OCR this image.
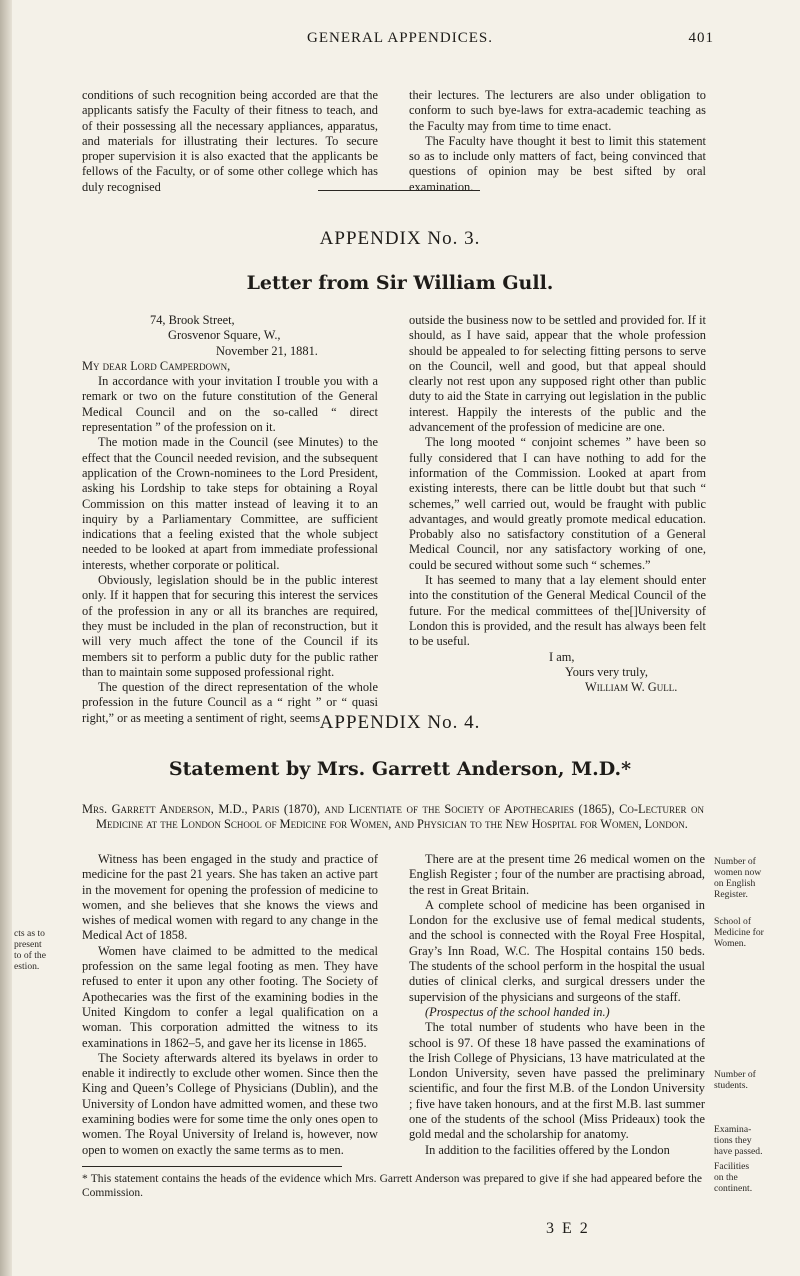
GENERAL APPENDICES.	401

conditions of such recognition being accorded are that the applicants satisfy the Faculty of their fitness to teach, and of their possessing all the necessary appliances, apparatus, and materials for illustrating their lectures. To secure proper supervision it is also exacted that the applicants be fellows of the Faculty, or of some other college which has duly recognised

their lectures. The lecturers are also under obligation to conform to such bye-laws for extra-academic teaching as the Faculty may from time to time enact.

The Faculty have thought it best to limit this statement so as to include only matters of fact, being convinced that questions of opinion may be best sifted by oral examination.

APPENDIX No. 3.
Letter from Sir William Gull.

74, Brook Street,

Grosvenor Square, W.,

November 21, 1881.

My dear Lord Camperdown,

In accordance with your invitation I trouble you with a remark or two on the future constitution of the General Medical Council and on the so-called “ direct representation ” of the profession on it.

The motion made in the Council (see Minutes) to the effect that the Council needed revision, and the subsequent application of the Crown-nominees to the Lord President, asking his Lordship to take steps for obtaining a Royal Commission on this matter instead of leaving it to an inquiry by a Parliamentary Committee, are sufficient indications that a feeling existed that the whole subject needed to be looked at apart from immediate professional interests, whether corporate or political.

Obviously, legislation should be in the public interest only. If it happen that for securing this interest the services of the profession in any or all its branches are required, they must be included in the plan of reconstruction, but it will very much affect the tone of the Council if its members sit to perform a public duty for the public rather than to maintain some supposed professional right.

The question of the direct representation of the whole profession in the future Council as a “ right ” or “ quasi right,” or as meeting a sentiment of right, seems

outside the business now to be settled and provided for. If it should, as I have said, appear that the whole profession should be appealed to for selecting fitting persons to serve on the Council, well and good, but that appeal should clearly not rest upon any supposed right other than public duty to aid the State in carrying out legislation in the public interest. Happily the interests of the public and the advancement of the profession of medicine are one.

The long mooted “ conjoint schemes ” have been so fully considered that I can have nothing to add for the information of the Commission. Looked at apart from existing interests, there can be little doubt but that such “ schemes,” well carried out, would be fraught with public advantages, and would greatly promote medical education. Probably also no satisfactory constitution of a General Medical Council, nor any satisfactory working of one, could be secured without some such “ schemes.”

It has seemed to many that a lay element should enter into the constitution of the General Medical Council of the future. For the medical committees of the[]University of London this is provided, and the result has always been felt to be useful.

I am,

Yours very truly,

William W. Gull.

APPENDIX No. 4.
Statement by Mrs. Garrett Anderson, M.D.*

Mrs. Garrett Anderson, M.D., Paris (1870), and Licentiate of the Society of Apothecaries (1865), Co-Lecturer on Medicine at the London School of Medicine for Women, and Physician to the New Hospital for Women, London.

cts as to
present
to of the
estion.

Witness has been engaged in the study and practice of medicine for the past 21 years. She has taken an active part in the movement for opening the profession of medicine to women, and she believes that she knows the views and wishes of medical women with regard to any change in the Medical Act of 1858.

Women have claimed to be admitted to the medical profession on the same legal footing as men. They have refused to enter it upon any other footing. The Society of Apothecaries was the first of the examining bodies in the United Kingdom to confer a legal qualification on a woman. This corporation admitted the witness to its examinations in 1862–5, and gave her its license in 1865.

The Society afterwards altered its byelaws in order to enable it indirectly to exclude other women. Since then the King and Queen’s College of Physicians (Dublin), and the University of London have admitted women, and these two examining bodies were for some time the only ones open to women. The Royal University of Ireland is, however, now open to women on exactly the same terms as to men.

There are at the present time 26 medical women on the English Register ; four of the number are practising abroad, the rest in Great Britain.

A complete school of medicine has been organised in London for the exclusive use of femal medical students, and the school is connected with the Royal Free Hospital, Gray’s Inn Road, W.C. The Hospital contains 150 beds. The students of the school perform in the hospital the usual duties of clinical clerks, and surgical dressers under the supervision of the physicians and surgeons of the staff.

(Prospectus of the school handed in.)

The total number of students who have been in the school is 97. Of these 18 have passed the examinations of the Irish College of Physicians, 13 have matriculated at the London University, seven have passed the preliminary scientific, and four the first M.B. of the London University ; five have taken honours, and at the first M.B. last summer one of the students of the school (Miss Prideaux) took the gold medal and the scholarship for anatomy.

In addition to the facilities offered by the London

Number of
women now
on English
Register.
School of
Medicine for
Women.
Number of
students.
Examina-
tions they
have passed.
Facilities
on the
continent.
* This statement contains the heads of the evidence which Mrs. Garrett Anderson was prepared to give if she had appeared before the Commission.
3 E 2
